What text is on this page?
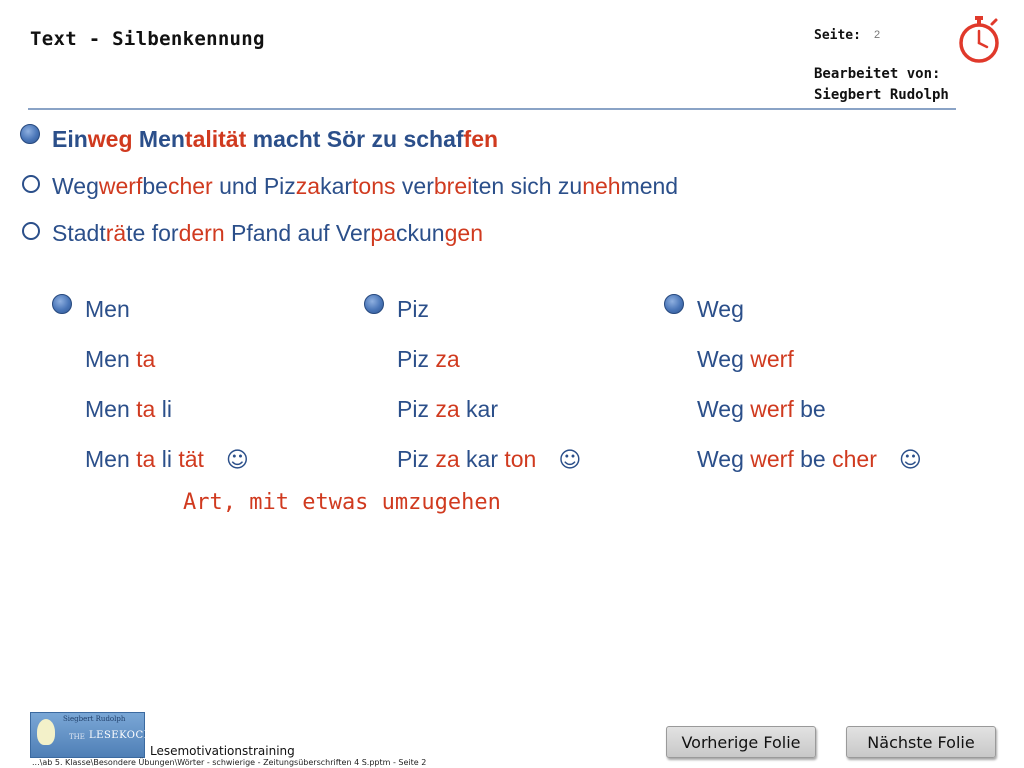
Text - Silbenkennung	Seite: 2
Bearbeitet von:
Siegbert Rudolph
Einweg Mentalität macht Sör zu schaffen
Wegwerfbecher und Pizzakartons verbreiten sich zunehmend
Stadträte fordern Pfand auf Verpackungen
Men
Men ta
Men ta li
Men ta li tät ☺
Piz
Piz za
Piz za kar
Piz za kar ton ☺
Weg
Weg werf
Weg werf be
Weg werf be cher ☺
Art, mit etwas umzugehen
Siegbert Rudolph
THE LESEKOCH
Lesemotivationstraining
...\ab 5. Klasse\Besondere Übungen\Wörter - schwierige - Zeitungsüberschriften 4 S.pptm - Seite 2
Vorherige Folie	Nächste Folie
